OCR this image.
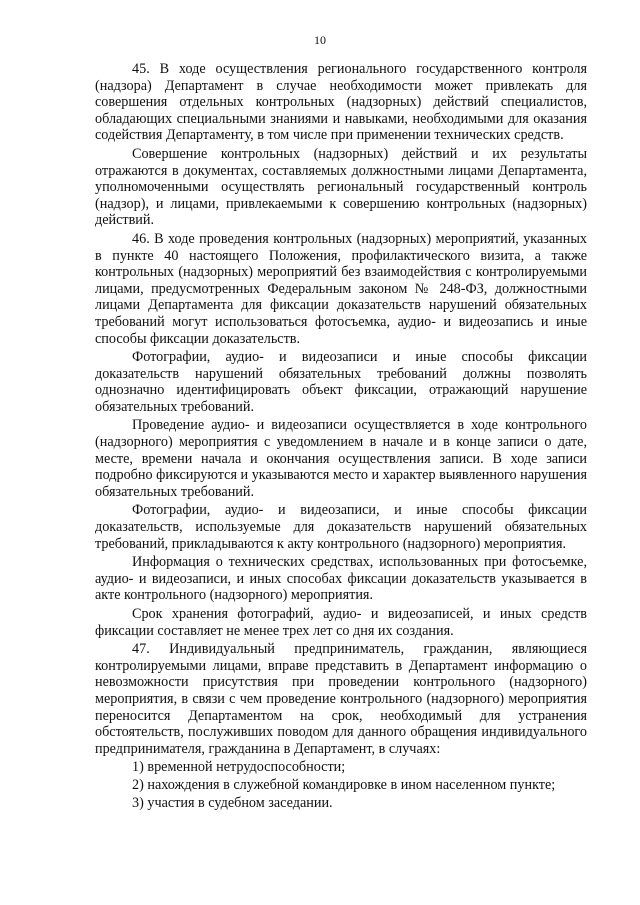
10

45. В ходе осуществления регионального государственного контроля (надзора) Департамент в случае необходимости может привлекать для совершения отдельных контрольных (надзорных) действий специалистов, обладающих специальными знаниями и навыками, необходимыми для оказания содействия Департаменту, в том числе при применении технических средств.

Совершение контрольных (надзорных) действий и их результаты отражаются в документах, составляемых должностными лицами Департамента, уполномоченными осуществлять региональный государственный контроль (надзор), и лицами, привлекаемыми к совершению контрольных (надзорных) действий.

46. В ходе проведения контрольных (надзорных) мероприятий, указанных в пункте 40 настоящего Положения, профилактического визита, а также контрольных (надзорных) мероприятий без взаимодействия с контролируемыми лицами, предусмотренных Федеральным законом № 248-ФЗ, должностными лицами Департамента для фиксации доказательств нарушений обязательных требований могут использоваться фотосъемка, аудио- и видеозапись и иные способы фиксации доказательств.

Фотографии, аудио- и видеозаписи и иные способы фиксации доказательств нарушений обязательных требований должны позволять однозначно идентифицировать объект фиксации, отражающий нарушение обязательных требований.

Проведение аудио- и видеозаписи осуществляется в ходе контрольного (надзорного) мероприятия с уведомлением в начале и в конце записи о дате, месте, времени начала и окончания осуществления записи. В ходе записи подробно фиксируются и указываются место и характер выявленного нарушения обязательных требований.

Фотографии, аудио- и видеозаписи, и иные способы фиксации доказательств, используемые для доказательств нарушений обязательных требований, прикладываются к акту контрольного (надзорного) мероприятия.

Информация о технических средствах, использованных при фотосъемке, аудио- и видеозаписи, и иных способах фиксации доказательств указывается в акте контрольного (надзорного) мероприятия.

Срок хранения фотографий, аудио- и видеозаписей, и иных средств фиксации составляет не менее трех лет со дня их создания.

47. Индивидуальный предприниматель, гражданин, являющиеся контролируемыми лицами, вправе представить в Департамент информацию о невозможности присутствия при проведении контрольного (надзорного) мероприятия, в связи с чем проведение контрольного (надзорного) мероприятия переносится Департаментом на срок, необходимый для устранения обстоятельств, послуживших поводом для данного обращения индивидуального предпринимателя, гражданина в Департамент, в случаях:

1) временной нетрудоспособности;

2) нахождения в служебной командировке в ином населенном пункте;

3) участия в судебном заседании.
